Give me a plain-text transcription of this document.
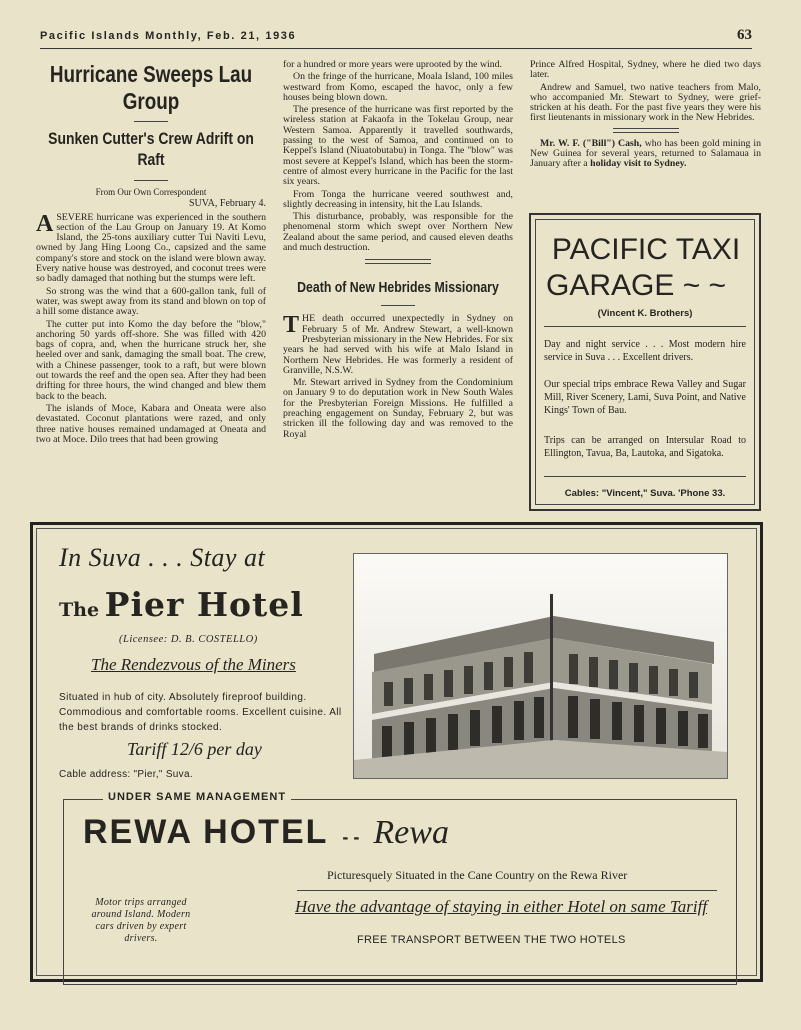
Pacific Islands Monthly, Feb. 21, 1936	63
Hurricane Sweeps Lau Group
Sunken Cutter's Crew Adrift on Raft
From Our Own Correspondent
SUVA, February 4.

ASEVERE hurricane was experienced in the southern section of the Lau Group on January 19. At Komo Island, the 25-tons auxiliary cutter Tui Naviti Levu, owned by Jang Hing Loong Co., capsized and the same company's store and stock on the island were blown away. Every native house was destroyed, and coconut trees were so badly damaged that nothing but the stumps were left.

So strong was the wind that a 600-gallon tank, full of water, was swept away from its stand and blown on top of a hill some distance away.

The cutter put into Komo the day before the "blow," anchoring 50 yards off-shore. She was filled with 420 bags of copra, and, when the hurricane struck her, she heeled over and sank, damaging the small boat. The crew, with a Chinese passenger, took to a raft, but were blown out towards the reef and the open sea. After they had been drifting for three hours, the wind changed and blew them back to the beach.

The islands of Moce, Kabara and Oneata were also devastated. Coconut plantations were razed, and only three native houses remained undamaged at Oneata and two at Moce. Dilo trees that had been growing

for a hundred or more years were uprooted by the wind.

On the fringe of the hurricane, Moala Island, 100 miles westward from Komo, escaped the havoc, only a few houses being blown down.

The presence of the hurricane was first reported by the wireless station at Fakaofa in the Tokelau Group, near Western Samoa. Apparently it travelled southwards, passing to the west of Samoa, and continued on to Keppel's Island (Niuatobutabu) in Tonga. The "blow" was most severe at Keppel's Island, which has been the storm-centre of almost every hurricane in the Pacific for the last six years.

From Tonga the hurricane veered southwest and, slightly decreasing in intensity, hit the Lau Islands.

This disturbance, probably, was responsible for the phenomenal storm which swept over Northern New Zealand about the same period, and caused eleven deaths and much destruction.

Death of New Hebrides Missionary

THE death occurred unexpectedly in Sydney on February 5 of Mr. Andrew Stewart, a well-known Presbyterian missionary in the New Hebrides. For six years he had served with his wife at Malo Island in Northern New Hebrides. He was formerly a resident of Granville, N.S.W.

Mr. Stewart arrived in Sydney from the Condominium on January 9 to do deputation work in New South Wales for the Presbyterian Foreign Missions. He fulfilled a preaching engagement on Sunday, February 2, but was stricken ill the following day and was removed to the Royal

Prince Alfred Hospital, Sydney, where he died two days later.

Andrew and Samuel, two native teachers from Malo, who accompanied Mr. Stewart to Sydney, were grief-stricken at his death. For the past five years they were his first lieutenants in missionary work in the New Hebrides.

Mr. W. F. ("Bill") Cash, who has been gold mining in New Guinea for several years, returned to Salamaua in January after a holiday visit to Sydney.

PACIFIC TAXI
GARAGE ~ ~
(Vincent K. Brothers)
Day and night service . . . Most modern hire service in Suva . . . Excellent drivers.
Our special trips embrace Rewa Valley and Sugar Mill, River Scenery, Lami, Suva Point, and Native Kings' Town of Bau.
Trips can be arranged on Intersular Road to Ellington, Tavua, Ba, Lautoka, and Sigatoka.
Cables: "Vincent," Suva. 'Phone 33.
In Suva . . . Stay at
The Pier Hotel
(Licensee: D. B. COSTELLO)
The Rendezvous of the Miners
Situated in hub of city. Absolutely fireproof building. Commodious and comfortable rooms. Excellent cuisine. All the best brands of drinks stocked.
Tariff 12/6 per day
Cable address: "Pier," Suva.
UNDER SAME MANAGEMENT
REWA HOTEL - - Rewa
Picturesquely Situated in the Cane Country on the Rewa River
Motor trips arranged around Island. Modern cars driven by expert drivers.
Have the advantage of staying in either Hotel on same Tariff
FREE TRANSPORT BETWEEN THE TWO HOTELS
